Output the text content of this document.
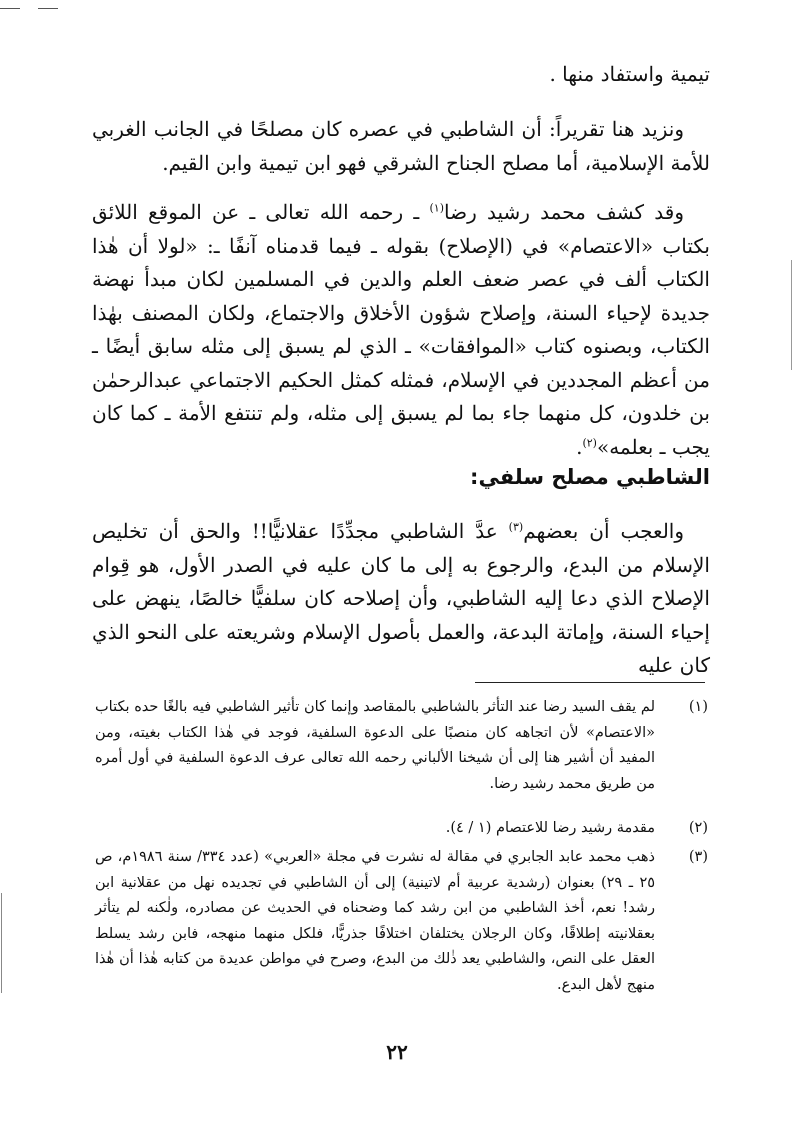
تيمية واستفاد منها .
ونزيد هنا تقريراً: أن الشاطبي في عصره كان مصلحًا في الجانب الغربي للأمة الإسلامية، أما مصلح الجناح الشرقي فهو ابن تيمية وابن القيم.
وقد كشف محمد رشيد رضا$^{(١)}$ ـ رحمه الله تعالى ـ عن الموقع اللائق بكتاب «الاعتصام» في (الإصلاح) بقوله ـ فيما قدمناه آنفًا ـ: «لولا أن هٰذا الكتاب ألف في عصر ضعف العلم والدين في المسلمين لكان مبدأ نهضة جديدة لإحياء السنة، وإصلاح شؤون الأخلاق والاجتماع، ولكان المصنف بهٰذا الكتاب، وبصنوه كتاب «الموافقات» ـ الذي لم يسبق إلى مثله سابق أيضًا ـ من أعظم المجددين في الإسلام، فمثله كمثل الحكيم الاجتماعي عبدالرحمٰن بن خلدون، كل منهما جاء بما لم يسبق إلى مثله، ولم تنتفع الأمة ـ كما كان يجب ـ بعلمه»$^{(٢)}$.
الشاطبي مصلح سلفي:
والعجب أن بعضهم$^{(٣)}$ عدَّ الشاطبي مجدِّدًا عقلانيًّا!! والحق أن تخليص الإسلام من البدع، والرجوع به إلى ما كان عليه في الصدر الأول، هو قِوام الإصلاح الذي دعا إليه الشاطبي، وأن إصلاحه كان سلفيًّا خالصًا، ينهض على إحياء السنة، وإماتة البدعة، والعمل بأصول الإسلام وشريعته على النحو الذي كان عليه
(١)
لم يقف السيد رضا عند التأثر بالشاطبي بالمقاصد وإنما كان تأثير الشاطبي فيه بالغًا حده بكتاب «الاعتصام» لأن اتجاهه كان منصبًا على الدعوة السلفية، فوجد في هٰذا الكتاب بغيته، ومن المفيد أن أشير هنا إلى أن شيخنا الألباني رحمه الله تعالى عرف الدعوة السلفية في أول أمره من طريق محمد رشيد رضا.
(٢)
مقدمة رشيد رضا للاعتصام (١ / ٤).
(٣)
ذهب محمد عابد الجابري في مقالة له نشرت في مجلة «العربي» (عدد ٣٣٤/ سنة ١٩٨٦م، ص ٢٥ ـ ٢٩) بعنوان (رشدية عربية أم لاتينية) إلى أن الشاطبي في تجديده نهل من عقلانية ابن رشد! نعم، أخذ الشاطبي من ابن رشد كما وضحناه في الحديث عن مصادره، ولٰكنه لم يتأثر بعقلانيته إطلاقًا، وكان الرجلان يختلفان اختلافًا جذريًّا، فلكل منهما منهجه، فابن رشد يسلط العقل على النص، والشاطبي يعد ذٰلك من البدع، وصرح في مواطن عديدة من كتابه هٰذا أن هٰذا منهج لأهل البدع.
٢٢
